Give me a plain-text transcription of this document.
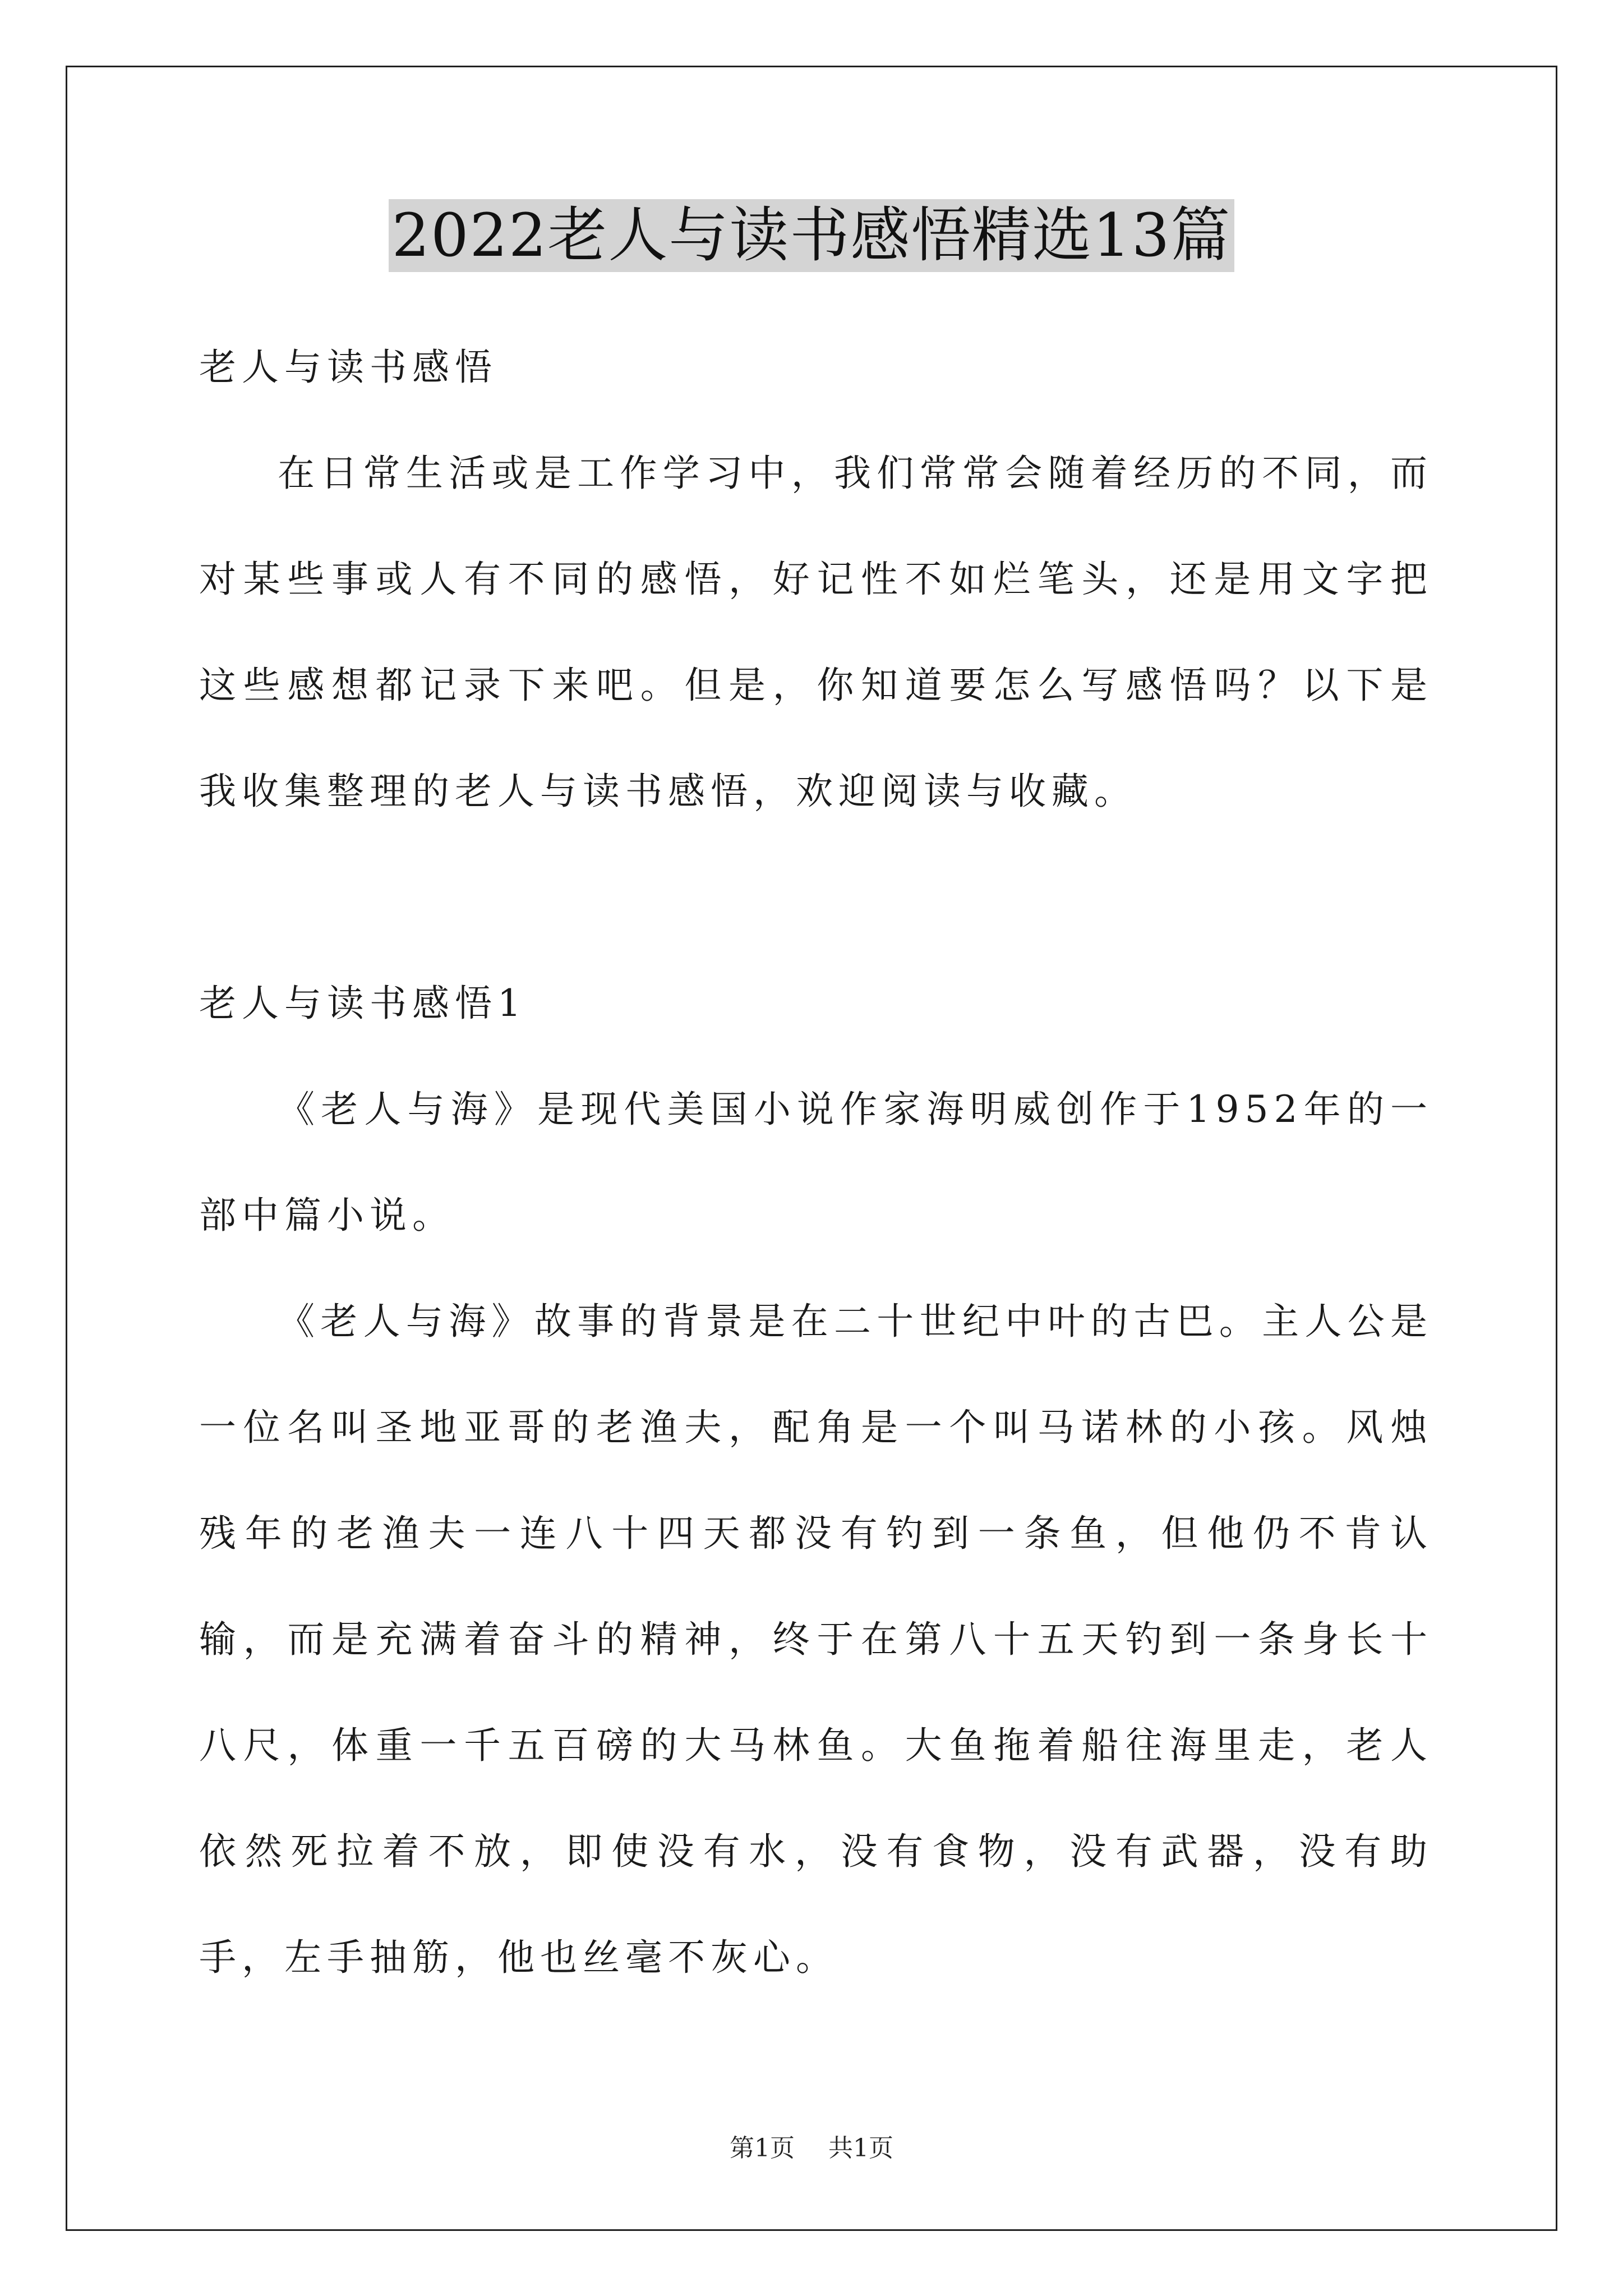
2022老人与读书感悟精选13篇

老人与读书感悟

在日常生活或是工作学习中，我们常常会随着经历的不同，而对某些事或人有不同的感悟，好记性不如烂笔头，还是用文字把这些感想都记录下来吧。但是，你知道要怎么写感悟吗？以下是我收集整理的老人与读书感悟，欢迎阅读与收藏。

老人与读书感悟1

《老人与海》是现代美国小说作家海明威创作于1952年的一部中篇小说。

《老人与海》故事的背景是在二十世纪中叶的古巴。主人公是一位名叫圣地亚哥的老渔夫，配角是一个叫马诺林的小孩。风烛残年的老渔夫一连八十四天都没有钓到一条鱼，但他仍不肯认输，而是充满着奋斗的精神，终于在第八十五天钓到一条身长十八尺，体重一千五百磅的大马林鱼。大鱼拖着船往海里走，老人依然死拉着不放，即使没有水，没有食物，没有武器，没有助手，左手抽筋，他也丝毫不灰心。

第1页 共1页
